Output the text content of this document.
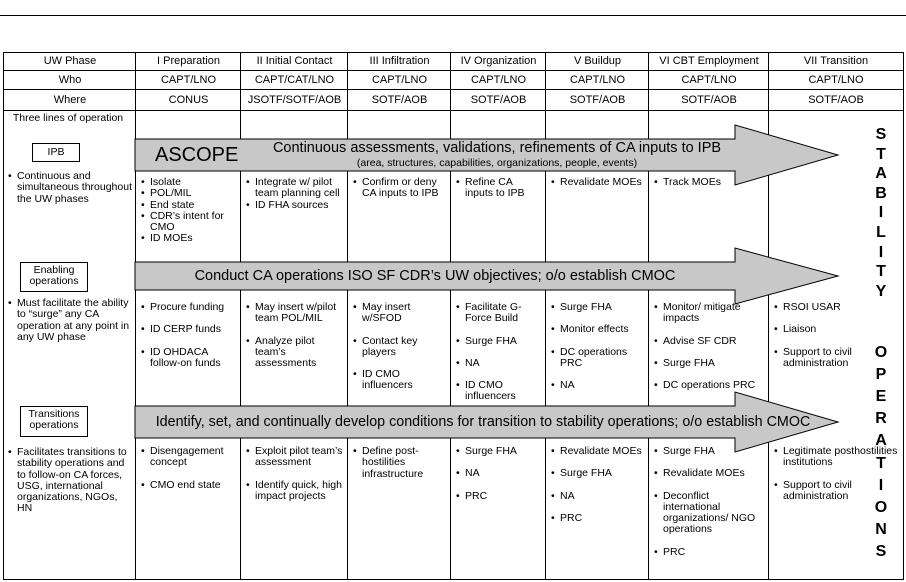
UW Phase	I Preparation	II Initial Contact	III Infiltration	IV Organization	V Buildup	VI CBT Employment	VII Transition
Who	CAPT/LNO	CAPT/CAT/LNO	CAPT/LNO	CAPT/LNO	CAPT/LNO	CAPT/LNO	CAPT/LNO
Where	CONUS	JSOTF/SOTF/AOB	SOTF/AOB	SOTF/AOB	SOTF/AOB	SOTF/AOB	SOTF/AOB
Three lines of operation
IPB
• Continuous and simultaneous throughout the UW phases
Enabling operations
• Must facilitate the ability to “surge” any CA operation at any point in any UW phase
Transitions operations
• Facilitates transitions to stability operations and to follow-on CA forces, USG, international organizations, NGOs, HN
ASCOPE	Continuous assessments, validations, refinements of CA inputs to IPB
(area, structures, capabilities, organizations, people, events)
Conduct CA operations ISO SF CDR’s UW objectives; o/o establish CMOC
Identify, set, and continually develop conditions for transition to stability operations; o/o establish CMOC
• Isolate
• POL/MIL
• End state
• CDR’s intent for CMO
• ID MOEs
• Integrate w/ pilot team planning cell
• ID FHA sources
• Confirm or deny CA inputs to IPB
• Refine CA inputs to IPB
• Revalidate MOEs
•	Track MOEs
• Procure funding
• ID CERP funds
• ID OHDACA follow-on funds
• May insert w/pilot team POL/MIL
• Analyze pilot team’s assessments
• May insert w/SFOD
• Contact key players
• ID CMO influencers
• Facilitate G-Force Build
• Surge FHA
• NA
• ID CMO influencers
• Surge FHA
• Monitor effects
• DC operations PRC
• NA
• Monitor/ mitigate impacts
• Advise SF CDR
• Surge FHA
• DC operations PRC
• RSOI USAR
• Liaison
• Support to civil administration
• Disengagement concept
• CMO end state
• Exploit pilot team’s assessment
• Identify quick, high impact projects
• Define post-hostilities infrastructure
• Surge FHA
• NA
• PRC
• Revalidate MOEs
• Surge FHA
• NA
• PRC
• Surge FHA
• Revalidate MOEs
• Deconflict international organizations/ NGO operations
• PRC
• Legitimate posthostilities institutions
• Support to civil administration
S
T
A
B
I
L
I
T
Y
O
P
E
R
A
T
I
O
N
S
